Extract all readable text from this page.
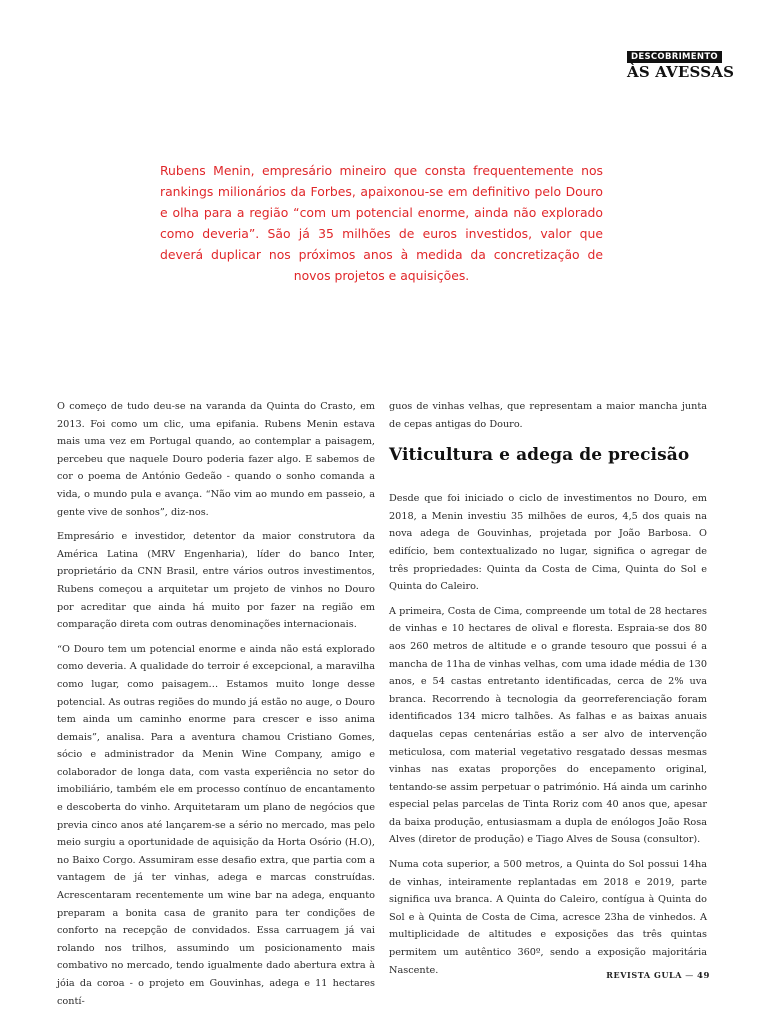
DESCOBRIMENTO
ÀS AVESSAS
Rubens Menin, empresário mineiro que consta frequentemente nos rankings milionários da Forbes, apaixonou-se em definitivo pelo Douro e olha para a região “com um potencial enorme, ainda não explorado como deveria”. São já 35 milhões de euros investidos, valor que deverá duplicar nos próximos anos à medida da concretização de novos projetos e aquisições.

O começo de tudo deu-se na varanda da Quinta do Crasto, em 2013. Foi como um clic, uma epifania. Rubens Menin estava mais uma vez em Portugal quando, ao contemplar a paisagem, percebeu que naquele Douro poderia fazer algo. E sabemos de cor o poema de António Gedeão - quando o sonho comanda a vida, o mundo pula e avança. “Não vim ao mundo em passeio, a gente vive de sonhos”, diz-nos.

Empresário e investidor, detentor da maior construtora da América Latina (MRV Engenharia), líder do banco Inter, proprietário da CNN Brasil, entre vários outros investimentos, Rubens começou a arquitetar um projeto de vinhos no Douro por acreditar que ainda há muito por fazer na região em comparação direta com outras denominações internacionais.

“O Douro tem um potencial enorme e ainda não está explorado como deveria. A qualidade do terroir é excepcional, a maravilha como lugar, como paisagem… Estamos muito longe desse potencial. As outras regiões do mundo já estão no auge, o Douro tem ainda um caminho enorme para crescer e isso anima demais”, analisa. Para a aventura chamou Cristiano Gomes, sócio e administrador da Menin Wine Company, amigo e colaborador de longa data, com vasta experiência no setor do imobiliário, também ele em processo contínuo de encantamento e descoberta do vinho. Arquitetaram um plano de negócios que previa cinco anos até lançarem-se a sério no mercado, mas pelo meio surgiu a oportunidade de aquisição da Horta Osório (H.O), no Baixo Corgo. Assumiram esse desafio extra, que partia com a vantagem de já ter vinhas, adega e marcas construídas. Acrescentaram recentemente um wine bar na adega, enquanto preparam a bonita casa de granito para ter condições de conforto na recepção de convidados. Essa carruagem já vai rolando nos trilhos, assumindo um posicionamento mais combativo no mercado, tendo igualmente dado abertura extra à jóia da coroa - o projeto em Gouvinhas, adega e 11 hectares contí-

guos de vinhas velhas, que representam a maior mancha junta de cepas antigas do Douro.

Viticultura e adega de precisão

Desde que foi iniciado o ciclo de investimentos no Douro, em 2018, a Menin investiu 35 milhões de euros, 4,5 dos quais na nova adega de Gouvinhas, projetada por João Barbosa. O edifício, bem contextualizado no lugar, significa o agregar de três propriedades: Quinta da Costa de Cima, Quinta do Sol e Quinta do Caleiro.

A primeira, Costa de Cima, compreende um total de 28 hectares de vinhas e 10 hectares de olival e floresta. Espraia-se dos 80 aos 260 metros de altitude e o grande tesouro que possui é a mancha de 11ha de vinhas velhas, com uma idade média de 130 anos, e 54 castas entretanto identificadas, cerca de 2% uva branca. Recorrendo à tecnologia da georreferenciação foram identificados 134 micro talhões. As falhas e as baixas anuais daquelas cepas centenárias estão a ser alvo de intervenção meticulosa, com material vegetativo resgatado dessas mesmas vinhas nas exatas proporções do encepamento original, tentando-se assim perpetuar o património. Há ainda um carinho especial pelas parcelas de Tinta Roriz com 40 anos que, apesar da baixa produção, entusiasmam a dupla de enólogos João Rosa Alves (diretor de produção) e Tiago Alves de Sousa (consultor).

Numa cota superior, a 500 metros, a Quinta do Sol possui 14ha de vinhas, inteiramente replantadas em 2018 e 2019, parte significa uva branca. A Quinta do Caleiro, contígua à Quinta do Sol e à Quinta de Costa de Cima, acresce 23ha de vinhedos. A multiplicidade de altitudes e exposições das três quintas permitem um autêntico 360º, sendo a exposição majoritária Nascente.	REVISTA GULA — 49
